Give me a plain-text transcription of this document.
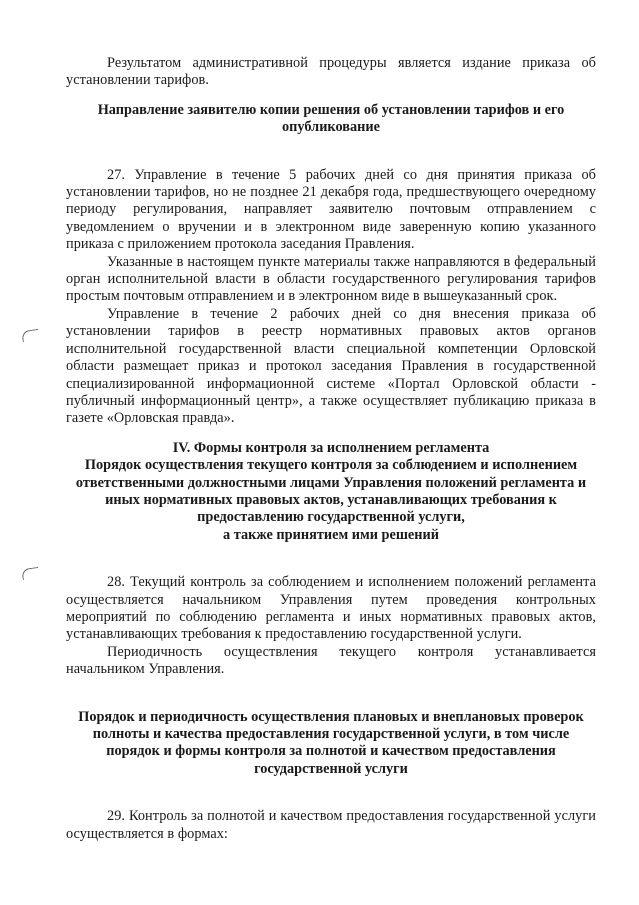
Результатом административной процедуры является издание приказа об установлении тарифов.

Направление заявителю копии решения об установлении тарифов и его опубликование

27. Управление в течение 5 рабочих дней со дня принятия приказа об установлении тарифов, но не позднее 21 декабря года, предшествующего очередному периоду регулирования, направляет заявителю почтовым отправлением с уведомлением о вручении и в электронном виде заверенную копию указанного приказа с приложением протокола заседания Правления.

Указанные в настоящем пункте материалы также направляются в федеральный орган исполнительной власти в области государственного регулирования тарифов простым почтовым отправлением и в электронном виде в вышеуказанный срок.

Управление в течение 2 рабочих дней со дня внесения приказа об установлении тарифов в реестр нормативных правовых актов органов исполнительной государственной власти специальной компетенции Орловской области размещает приказ и протокол заседания Правления в государственной специализированной информационной системе «Портал Орловской области - публичный информационный центр», а также осуществляет публикацию приказа в газете «Орловская правда».

IV. Формы контроля за исполнением регламента

Порядок осуществления текущего контроля за соблюдением и исполнением ответственными должностными лицами Управления положений регламента и иных нормативных правовых актов, устанавливающих требования к предоставлению государственной услуги,

а также принятием ими решений

28. Текущий контроль за соблюдением и исполнением положений регламента осуществляется начальником Управления путем проведения контрольных мероприятий по соблюдению регламента и иных нормативных правовых актов, устанавливающих требования к предоставлению государственной услуги.

Периодичность осуществления текущего контроля устанавливается начальником Управления.

Порядок и периодичность осуществления плановых и внеплановых проверок полноты и качества предоставления государственной услуги, в том числе порядок и формы контроля за полнотой и качеством предоставления государственной услуги

29. Контроль за полнотой и качеством предоставления государственной услуги осуществляется в формах:
